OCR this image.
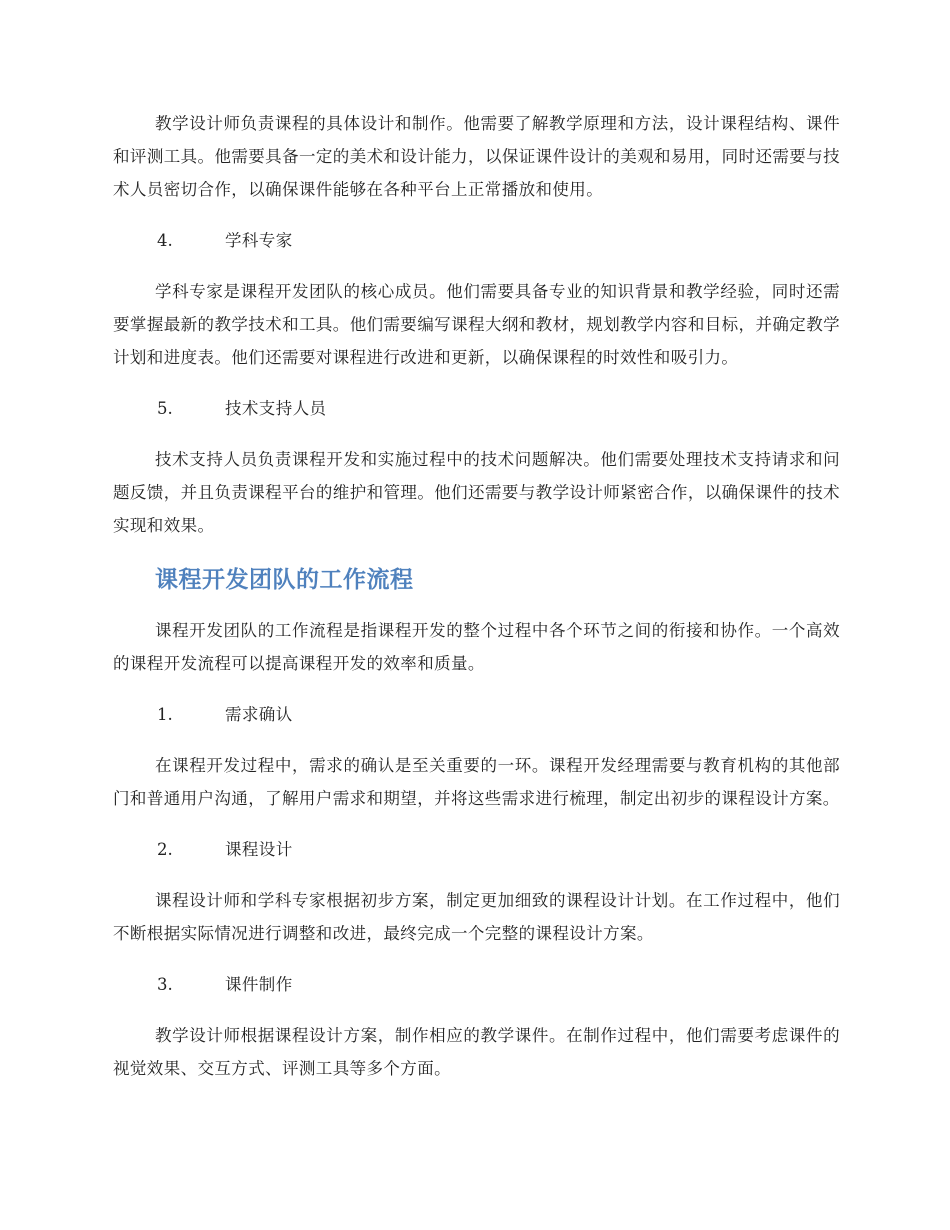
教学设计师负责课程的具体设计和制作。他需要了解教学原理和方法，设计课程结构、课件和评测工具。他需要具备一定的美术和设计能力，以保证课件设计的美观和易用，同时还需要与技术人员密切合作，以确保课件能够在各种平台上正常播放和使用。

4.	学科专家

学科专家是课程开发团队的核心成员。他们需要具备专业的知识背景和教学经验，同时还需要掌握最新的教学技术和工具。他们需要编写课程大纲和教材，规划教学内容和目标，并确定教学计划和进度表。他们还需要对课程进行改进和更新，以确保课程的时效性和吸引力。

5.	技术支持人员

技术支持人员负责课程开发和实施过程中的技术问题解决。他们需要处理技术支持请求和问题反馈，并且负责课程平台的维护和管理。他们还需要与教学设计师紧密合作，以确保课件的技术实现和效果。

课程开发团队的工作流程

课程开发团队的工作流程是指课程开发的整个过程中各个环节之间的衔接和协作。一个高效的课程开发流程可以提高课程开发的效率和质量。

1.	需求确认

在课程开发过程中，需求的确认是至关重要的一环。课程开发经理需要与教育机构的其他部门和普通用户沟通，了解用户需求和期望，并将这些需求进行梳理，制定出初步的课程设计方案。

2.	课程设计

课程设计师和学科专家根据初步方案，制定更加细致的课程设计计划。在工作过程中，他们不断根据实际情况进行调整和改进，最终完成一个完整的课程设计方案。

3.	课件制作

教学设计师根据课程设计方案，制作相应的教学课件。在制作过程中，他们需要考虑课件的视觉效果、交互方式、评测工具等多个方面。
